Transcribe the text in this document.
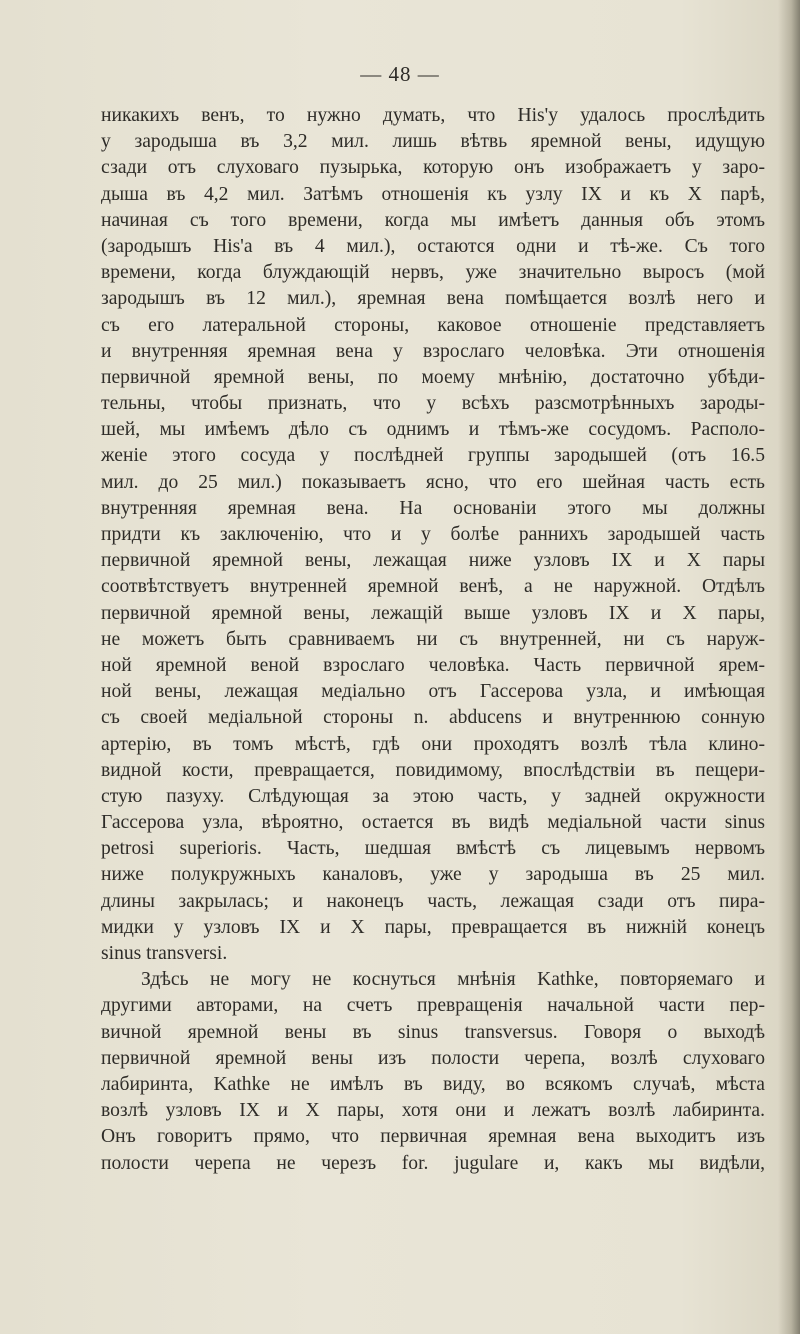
— 48 —
никакихъ венъ, то нужно думать, что His'у удалось прослѣдить
у зародыша въ 3,2 мил. лишь вѣтвь яремной вены, идущую
сзади отъ слуховаго пузырька, которую онъ изображаетъ у заро-
дыша въ 4,2 мил. Затѣмъ отношенія къ узлу IX и къ X парѣ,
начиная съ того времени, когда мы имѣетъ данныя объ этомъ
(зародышъ His'а въ 4 мил.), остаются одни и тѣ-же. Съ того
времени, когда блуждающій нервъ, уже значительно выросъ (мой
зародышъ въ 12 мил.), яремная вена помѣщается возлѣ него и
съ его латеральной стороны, каковое отношеніе представляетъ
и внутренняя яремная вена у взрослаго человѣка. Эти отношенія
первичной яремной вены, по моему мнѣнію, достаточно убѣди-
тельны, чтобы признать, что у всѣхъ разсмотрѣнныхъ зароды-
шей, мы имѣемъ дѣло съ однимъ и тѣмъ-же сосудомъ. Располо-
женіе этого сосуда у послѣдней группы зародышей (отъ 16.5
мил. до 25 мил.) показываетъ ясно, что его шейная часть есть
внутренняя яремная вена. На основаніи этого мы должны
придти къ заключенію, что и у болѣе раннихъ зародышей часть
первичной яремной вены, лежащая ниже узловъ IX и X пары
соотвѣтствуетъ внутренней яремной венѣ, а не наружной. Отдѣлъ
первичной яремной вены, лежащій выше узловъ IX и X пары,
не можетъ быть сравниваемъ ни съ внутренней, ни съ наруж-
ной яремной веной взрослаго человѣка. Часть первичной ярем-
ной вены, лежащая медіально отъ Гассерова узла, и имѣющая
съ своей медіальной стороны n. abducens и внутреннюю сонную
артерію, въ томъ мѣстѣ, гдѣ они проходятъ возлѣ тѣла клино-
видной кости, превращается, повидимому, впослѣдствіи въ пещери-
стую пазуху. Слѣдующая за этою часть, у задней окружности
Гассерова узла, вѣроятно, остается въ видѣ медіальной части sinus
petrosi superioris. Часть, шедшая вмѣстѣ съ лицевымъ нервомъ
ниже полукружныхъ каналовъ, уже у зародыша въ 25 мил.
длины закрылась; и наконецъ часть, лежащая сзади отъ пира-
мидки у узловъ IX и X пары, превращается въ нижній конецъ
sinus transversi.
Здѣсь не могу не коснуться мнѣнія Kathke, повторяемаго и
другими авторами, на счетъ превращенія начальной части пер-
вичной яремной вены въ sinus transversus. Говоря о выходѣ
первичной яремной вены изъ полости черепа, возлѣ слуховаго
лабиринта, Kathke не имѣлъ въ виду, во всякомъ случаѣ, мѣста
возлѣ узловъ IX и X пары, хотя они и лежатъ возлѣ лабиринта.
Онъ говоритъ прямо, что первичная яремная вена выходитъ изъ
полости черепа не черезъ for. jugulare и, какъ мы видѣли,
